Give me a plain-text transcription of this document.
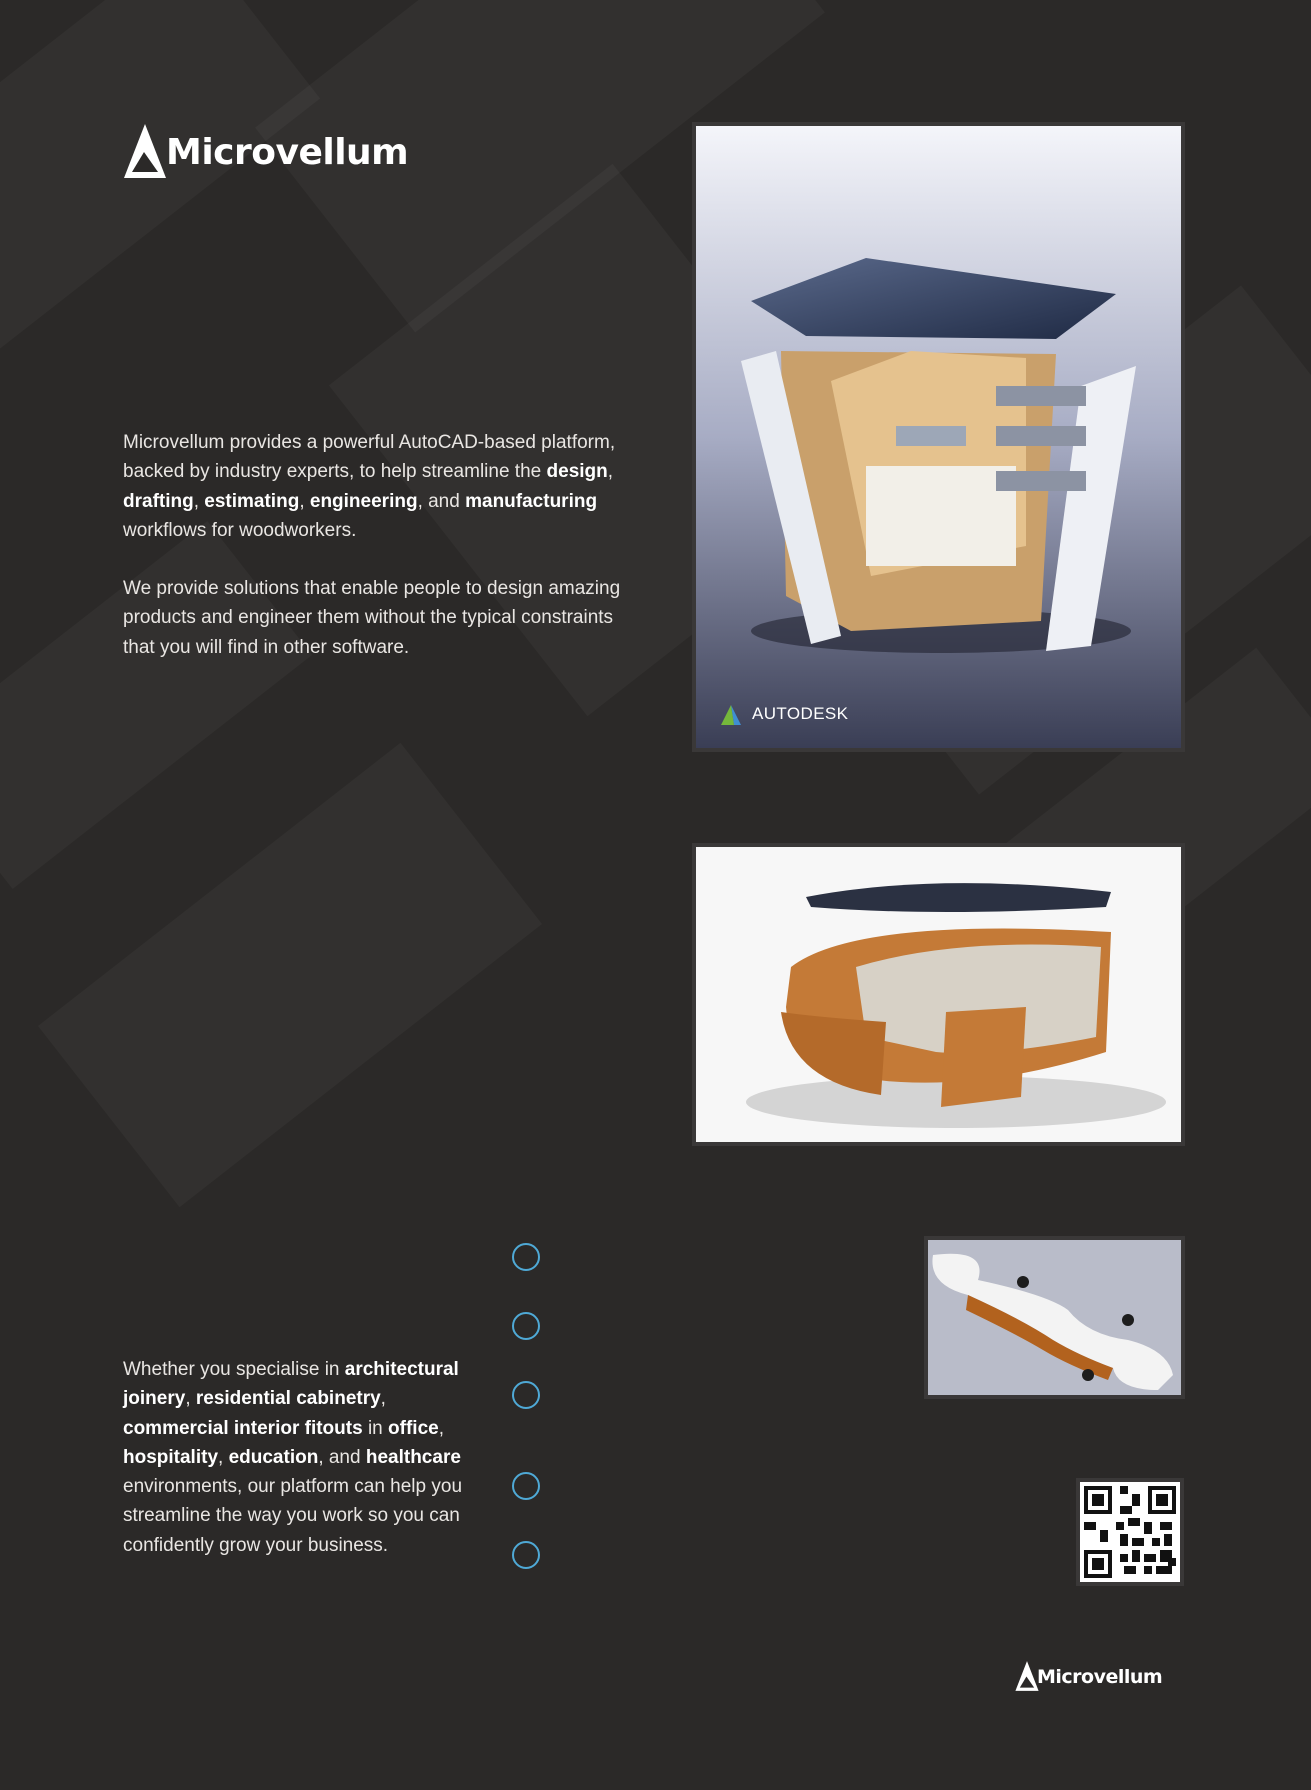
Microvellum

Microvellum provides a powerful AutoCAD-based platform, backed by industry experts, to help streamline the design, drafting, estimating, engineering, and manufacturing workflows for woodworkers.

We provide solutions that enable people to design amazing products and engineer them without the typical constraints that you will find in other software.

AUTODESK

Whether you specialise in architectural joinery, residential cabinetry, commercial interior fitouts in office, hospitality, education, and healthcare environments, our platform can help you streamline the way you work so you can confidently grow your business.

Microvellum
